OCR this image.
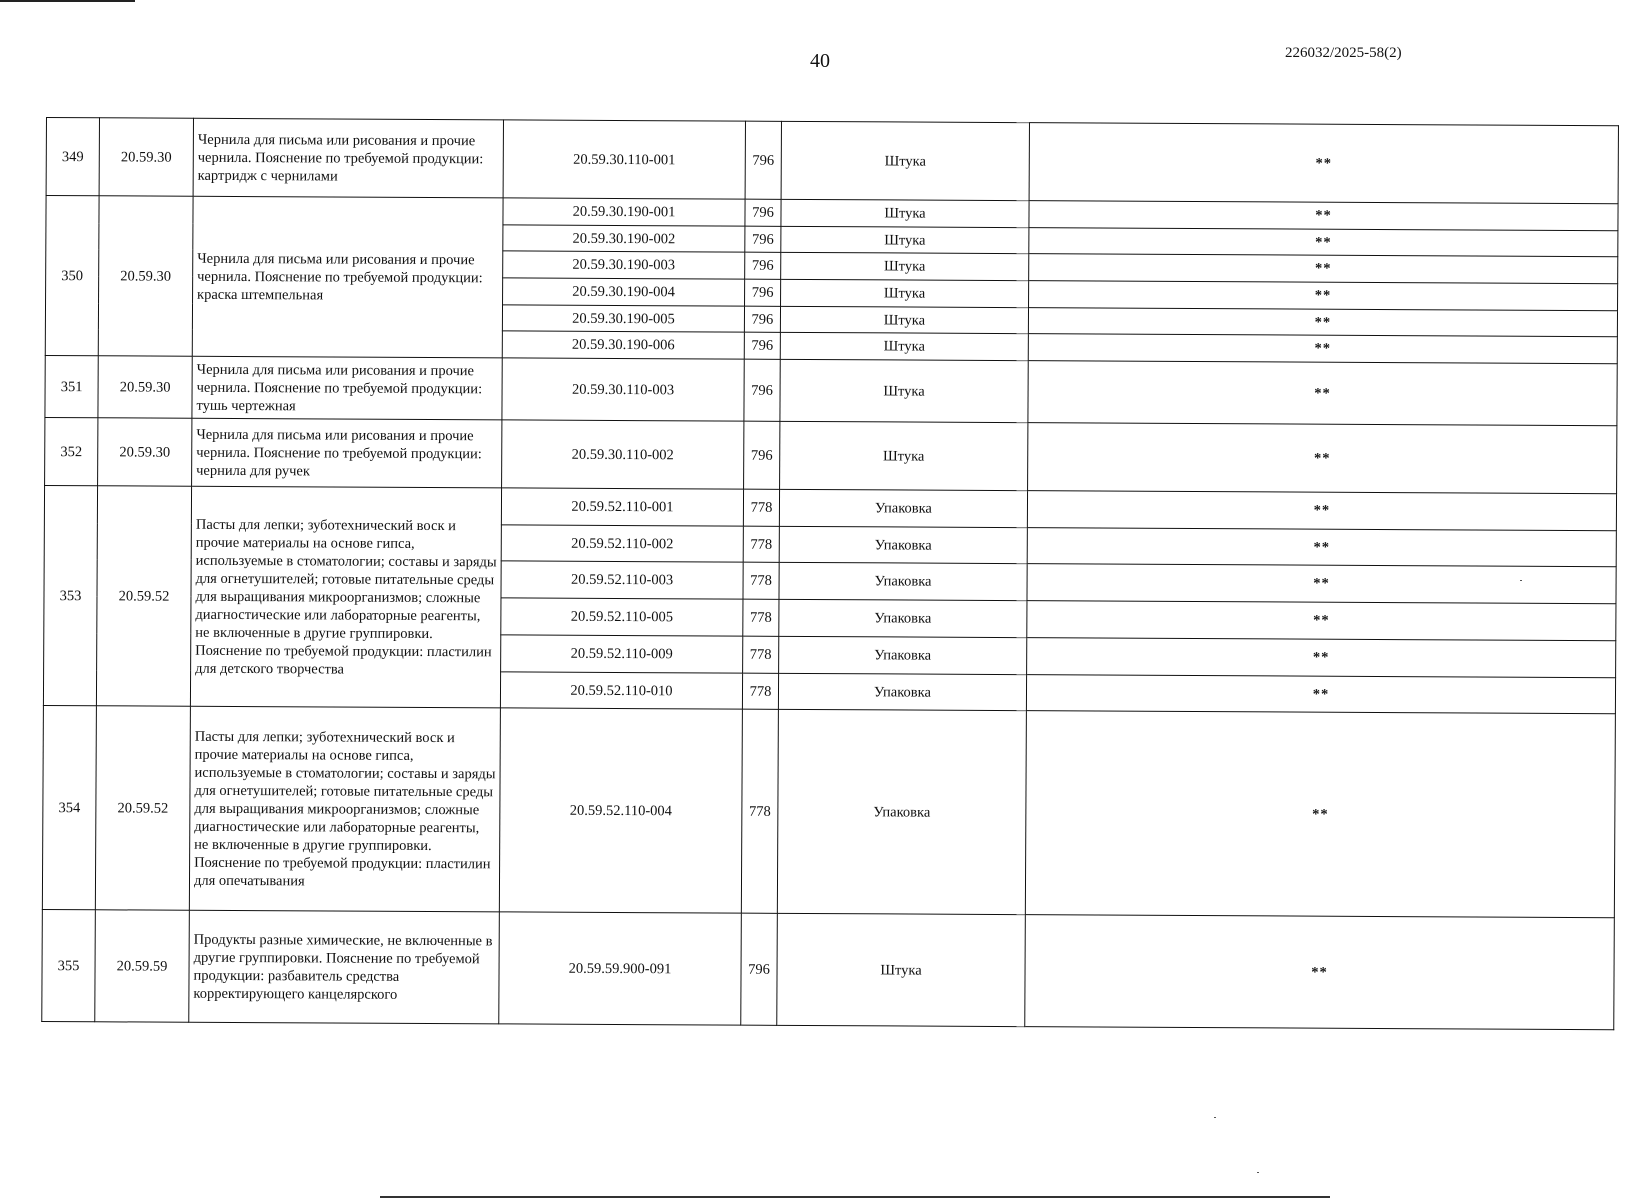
40	226032/2025-58(2)
349	20.59.30	Чернила для письма или рисования и прочие чернила. Пояснение по требуемой продукции: картридж с чернилами	20.59.30.110-001	796	Штука	**
350	20.59.30	Чернила для письма или рисования и прочие чернила. Пояснение по требуемой продукции: краска штемпельная	20.59.30.190-001	796	Штука	**
			20.59.30.190-002	796	Штука	**
			20.59.30.190-003	796	Штука	**
			20.59.30.190-004	796	Штука	**
			20.59.30.190-005	796	Штука	**
			20.59.30.190-006	796	Штука	**
351	20.59.30	Чернила для письма или рисования и прочие чернила. Пояснение по требуемой продукции: тушь чертежная	20.59.30.110-003	796	Штука	**
352	20.59.30	Чернила для письма или рисования и прочие чернила. Пояснение по требуемой продукции: чернила для ручек	20.59.30.110-002	796	Штука	**
353	20.59.52	Пасты для лепки; зуботехнический воск и прочие материалы на основе гипса, используемые в стоматологии; составы и заряды для огнетушителей; готовые питательные среды для выращивания микроорганизмов; сложные диагностические или лабораторные реагенты, не включенные в другие группировки. Пояснение по требуемой продукции: пластилин для детского творчества	20.59.52.110-001	778	Упаковка	**
			20.59.52.110-002	778	Упаковка	**
			20.59.52.110-003	778	Упаковка	**
			20.59.52.110-005	778	Упаковка	**
			20.59.52.110-009	778	Упаковка	**
			20.59.52.110-010	778	Упаковка	**
354	20.59.52	Пасты для лепки; зуботехнический воск и прочие материалы на основе гипса, используемые в стоматологии; составы и заряды для огнетушителей; готовые питательные среды для выращивания микроорганизмов; сложные диагностические или лабораторные реагенты, не включенные в другие группировки. Пояснение по требуемой продукции: пластилин для опечатывания	20.59.52.110-004	778	Упаковка	**
355	20.59.59	Продукты разные химические, не включенные в другие группировки. Пояснение по требуемой продукции: разбавитель средства корректирующего канцелярского	20.59.59.900-091	796	Штука	**
